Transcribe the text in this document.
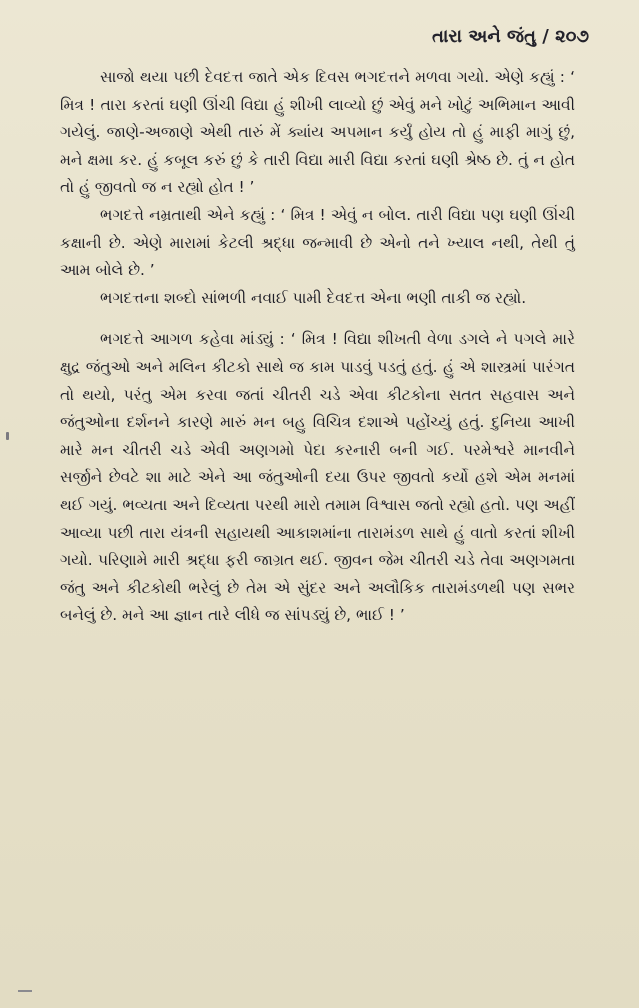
તારા અને જંતુ / ૨૦૭

સાજો થયા પછી દેવદત્ત જાતે એક દિવસ ભગદત્તને મળવા ગયો. એણે કહ્યું : ‘ મિત્ર ! તારા કરતાં ઘણી ઊંચી વિદ્યા હું શીખી લાવ્યો છું એવું મને ખોટું અભિમાન આવી ગયેલું. જાણે-અજાણે એથી તારું મેં ક્યાંય અપમાન કર્યું હોય તો હું માફી માગું છું, મને ક્ષમા કર. હું કબૂલ કરું છું કે તારી વિદ્યા મારી વિદ્યા કરતાં ઘણી શ્રેષ્ઠ છે. તું ન હોત તો હું જીવતો જ ન રહ્યો હોત ! ’

ભગદત્તે નમ્રતાથી એને કહ્યું : ‘ મિત્ર ! એવું ન બોલ. તારી વિદ્યા પણ ઘણી ઊંચી કક્ષાની છે. એણે મારામાં કેટલી શ્રદ્ધા જન્માવી છે એનો તને ખ્યાલ નથી, તેથી તું આમ બોલે છે. ’

ભગદત્તના શબ્દો સાંભળી નવાઈ પામી દેવદત્ત એના ભણી તાકી જ રહ્યો.

ભગદત્તે આગળ કહેવા માંડ્યું : ‘ મિત્ર ! વિદ્યા શીખતી વેળા ડગલે ને પગલે મારે ક્ષુદ્ર જંતુઓ અને મલિન કીટકો સાથે જ કામ પાડવું પડતું હતું. હું એ શાસ્ત્રમાં પારંગત તો થયો, પરંતુ એમ કરવા જતાં ચીતરી ચડે એવા કીટકોના સતત સહવાસ અને જંતુઓના દર્શનને કારણે મારું મન બહુ વિચિત્ર દશાએ પહોંચ્યું હતું. દુનિયા આખી મારે મન ચીતરી ચડે એવી અણગમો પેદા કરનારી બની ગઈ. પરમેશ્વરે માનવીને સર્જીને છેવટે શા માટે એને આ જંતુઓની દયા ઉપર જીવતો કર્યો હશે એમ મનમાં થઈ ગયું. ભવ્યતા અને દિવ્યતા પરથી મારો તમામ વિશ્વાસ જતો રહ્યો હતો. પણ અહીં આવ્યા પછી તારા યંત્રની સહાયથી આકાશમાંના તારામંડળ સાથે હું વાતો કરતાં શીખી ગયો. પરિણામે મારી શ્રદ્ધા ફરી જાગ્રત થઈ. જીવન જેમ ચીતરી ચડે તેવા અણગમતા જંતુ અને કીટકોથી ભરેલું છે તેમ એ સુંદર અને અલૌકિક તારામંડળથી પણ સભર બનેલું છે. મને આ જ્ઞાન તારે લીધે જ સાંપડ્યું છે, ભાઈ ! ’
